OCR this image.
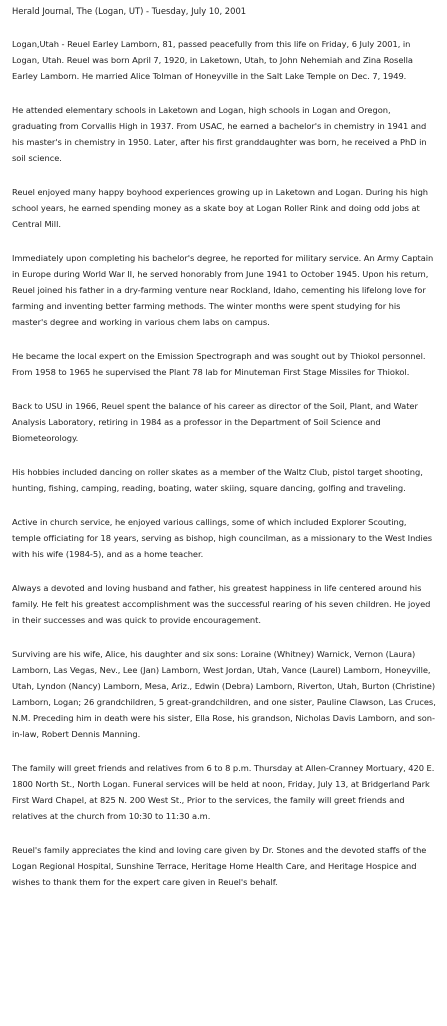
Herald Journal, The (Logan, UT) - Tuesday, July 10, 2001

Logan,Utah - Reuel Earley Lamborn, 81, passed peacefully from this life on Friday, 6 July 2001, in Logan, Utah. Reuel was born April 7, 1920, in Laketown, Utah, to John Nehemiah and Zina Rosella Earley Lamborn. He married Alice Tolman of Honeyville in the Salt Lake Temple on Dec. 7, 1949.

He attended elementary schools in Laketown and Logan, high schools in Logan and Oregon, graduating from Corvallis High in 1937. From USAC, he earned a bachelor's in chemistry in 1941 and his master's in chemistry in 1950. Later, after his first granddaughter was born, he received a PhD in soil science.

Reuel enjoyed many happy boyhood experiences growing up in Laketown and Logan. During his high school years, he earned spending money as a skate boy at Logan Roller Rink and doing odd jobs at Central Mill.

Immediately upon completing his bachelor's degree, he reported for military service. An Army Captain in Europe during World War II, he served honorably from June 1941 to October 1945. Upon his return, Reuel joined his father in a dry-farming venture near Rockland, Idaho, cementing his lifelong love for farming and inventing better farming methods. The winter months were spent studying for his master's degree and working in various chem labs on campus.

He became the local expert on the Emission Spectrograph and was sought out by Thiokol personnel. From 1958 to 1965 he supervised the Plant 78 lab for Minuteman First Stage Missiles for Thiokol.

Back to USU in 1966, Reuel spent the balance of his career as director of the Soil, Plant, and Water Analysis Laboratory, retiring in 1984 as a professor in the Department of Soil Science and Biometeorology.

His hobbies included dancing on roller skates as a member of the Waltz Club, pistol target shooting, hunting, fishing, camping, reading, boating, water skiing, square dancing, golfing and traveling.

Active in church service, he enjoyed various callings, some of which included Explorer Scouting, temple officiating for 18 years, serving as bishop, high councilman, as a missionary to the West Indies with his wife (1984-5), and as a home teacher.

Always a devoted and loving husband and father, his greatest happiness in life centered around his family. He felt his greatest accomplishment was the successful rearing of his seven children. He joyed in their successes and was quick to provide encouragement.

Surviving are his wife, Alice, his daughter and six sons: Loraine (Whitney) Warnick, Vernon (Laura) Lamborn, Las Vegas, Nev., Lee (Jan) Lamborn, West Jordan, Utah, Vance (Laurel) Lamborn, Honeyville, Utah, Lyndon (Nancy) Lamborn, Mesa, Ariz., Edwin (Debra) Lamborn, Riverton, Utah, Burton (Christine) Lamborn, Logan; 26 grandchildren, 5 great-grandchildren, and one sister, Pauline Clawson, Las Cruces, N.M. Preceding him in death were his sister, Ella Rose, his grandson, Nicholas Davis Lamborn, and son-in-law, Robert Dennis Manning.

The family will greet friends and relatives from 6 to 8 p.m. Thursday at Allen-Cranney Mortuary, 420 E. 1800 North St., North Logan. Funeral services will be held at noon, Friday, July 13, at Bridgerland Park First Ward Chapel, at 825 N. 200 West St., Prior to the services, the family will greet friends and relatives at the church from 10:30 to 11:30 a.m.

Reuel's family appreciates the kind and loving care given by Dr. Stones and the devoted staffs of the Logan Regional Hospital, Sunshine Terrace, Heritage Home Health Care, and Heritage Hospice and wishes to thank them for the expert care given in Reuel's behalf.
